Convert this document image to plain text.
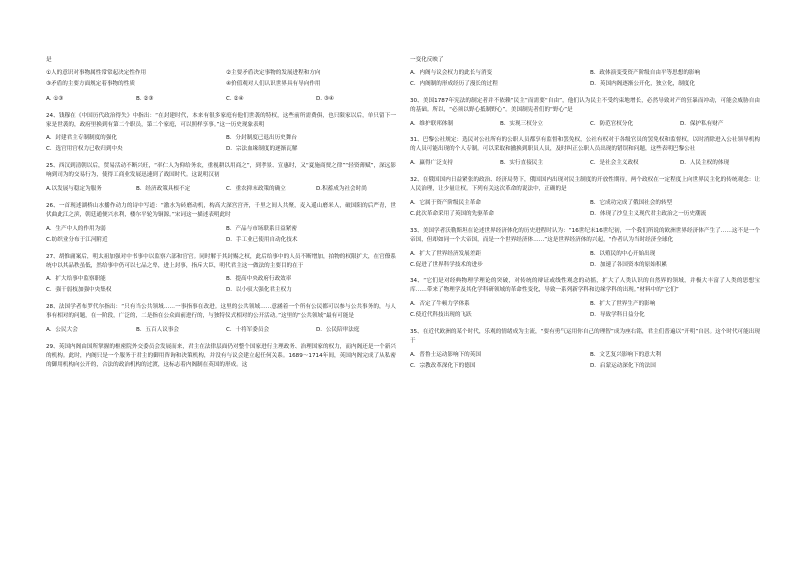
是
①人的意识对事物属性常常起决定性作用	②主要矛盾决定事物的发展进程和方向
③矛盾的主要方面规定着事物的性质	④价值观对人们认识世界具有导向作用
A. ①③	B. ②③	C. ②④	D. ③④
24、钱穆在《中国历代政治得失》中指出：“在封建时代，本来有很多家庭有他们世袭的特权，这些前所需费俱，也只限家以后，单只留下一家是世袭的，政府里换到有第二个职员，第二个家庭，可以照样享事。”这一历史现象表明
A．封建君主专制制度的强化	B．分封制度已退出历史舞台
C．选官用官权力已收归到中央	D．宗法血缘制度的逐渐瓦解
25、西汉到清朝以后，贸易活动不断兴旺，“率仁人为仰给务农，重视耕以用商之”，到孝景、宣惠时，又“夏施商贾之律”“轻资薄赋”，深远影响到司为的交易行为，使得工商业发展迅速到了战国时代。这说明汉初
A.以发展与稳定为服务	B．经济政策具根不定	C．重农抑末政策的确立	D.积蓄成为社会时尚
26、一首现述湖桥山水播作动力的诗中写道：“激水为砖磨动机，构高大深宫宫齐，千里之间人共聚，麦入遥山磨米人，破国阳的后严青，世伏曲此江之滨，朝廷通便兴水利，楼尔平轮为铜源。”宋词这一描述表明此时
A．生产中人的作用为弱	B．产品与市场联系日益紧密
C.纺织业分布于江河附近	D．手工业已使用自动化技术
27、胡惟庸案后，明太祖加强对中书事中以监察六部和官官。同时解于其封赐之权，此后给事中的人员不断增加，拍物的权限扩大，在官僚系统中以其品秩虽低，然给事中仍可以七品之卑，进上封事，指斥大臣，明代君主这一做法的主要目的在于
A．扩大给事中监察职能	B．提高中央政府行政效率
C．强干弱枝加强中央集权	D．以小驭大强化君主权力
28、法国学者布罗代尔指出：“只有当公共领域……一事指事在改进。这里的公共领域……意涵着一个所有公民都可以参与公共事务的，与人事有相对的问题，在一阶段，广泛的，二是指在公众面前进行的，与独特仪式相对的公开活动。”这里的“公共领域”最有可能是
A．公民大会	B．五百人议事会	C．十将军委员会	D．公民陪审法庭
29、英国内阁由国所掌握的枢密院外交委员会发展而来，君主在法律层面仍对整个国家进行主理政务、治理国家的权力，而内阁还是一个新兴的机构。此时，内阁只是一个服务于君主的御用咨询和决策机构，并没有与议会建立起任何关系。1689～1714年间，英国内阁完成了从私密的御用机构向公开的，合法的政治机构的过渡，这标志着内阁制在英国的形成。这
一变化反映了
A．内阁与议会权力的此长与消变	B．政体演变受资产阶级自由平等思想的影响
C．内阁制的形成经历了漫长的过程	D．英国内阁逐渐公开化，独立化，制度化
30、美国1787年宪法的制定者并不依赖“民主”而需要“自由”，他们认为民主不受约束地增长，必然导致对产的狂暴而冲动，可能会威胁自由的基础。所以，“必须以野心抵制野心”。美国制宪者们的“野心”是
A．维护联邦体制	B．实现三权分立	C．防范官权分化	D．保护私有财产
31、巴黎公社规定：选民对公社所有的公职人员都享有监督和罢免权，公社有权对于各级官员的罢免权和监督权，以时消除进入公社领导机构的人员可能出现的个人专制。可以采取和撤换到职员人员，及时纠正公职人员出现的错误和问题，这些表明巴黎公社
A．赢得广泛支持	B．实行直接民主	C．是社会主义政权	D．人民主权的体现
32、在俄国国内日益紧张的政治、经济局势下，俄国国内出现对民主制度的开放性期待，两个政权在一定程度上向世界民主化的传统观念：让人民治理，让少量让权。下列有关这次革命的说法中，正确的是
A．它属于资产阶级民主革命	B．它成功完成了俄国社会的转型
C.此次革命采用了英国的先驱革命	D．体现了沙皇主义现代君主政治之一历史潮流
33、美国学者沃勒斯坦在论述世界经济体化的历史进程时认为：“16世纪末16世纪初，一个我们所说的欧洲世界经济体产生了……这不是一个帝国，但却如同一个大帝国，而是一个世界经济体……”这是世界经济体的兴起，“作者认为当时经济全球化
A．扩大了世界经济发展差距	B．以殖民的中心开始出现
C.促进了世界科学技术的进步	D．加速了各国资本的原始积累
34、“它们是对经典物理学理论的突破，对传统的辩证或线性观念的动摇，扩大了人类认识的自然界的领域，并极大丰富了人类的思想宝库……带来了物理学及其化学科研领域的革命性变化，导致一系列新学科和边缘学科的出现。”材料中的“它们”
A．否定了牛顿力学体系	B．扩大了世界生产的影响
C.使近代科技出现的飞跃	D．导致学科日益分化
35、在近代欧洲的某个时代，乐观的情绪成为主流，“要有勇气运用你自己的理智”成为座右铭，君主们普遍以“开明”自居。这个时代可能出现于
A．普鲁士运动影响下的英国	B．文艺复兴影响下的意大利
C．宗教改革深化下的德国	D．启蒙运动深化下的法国
